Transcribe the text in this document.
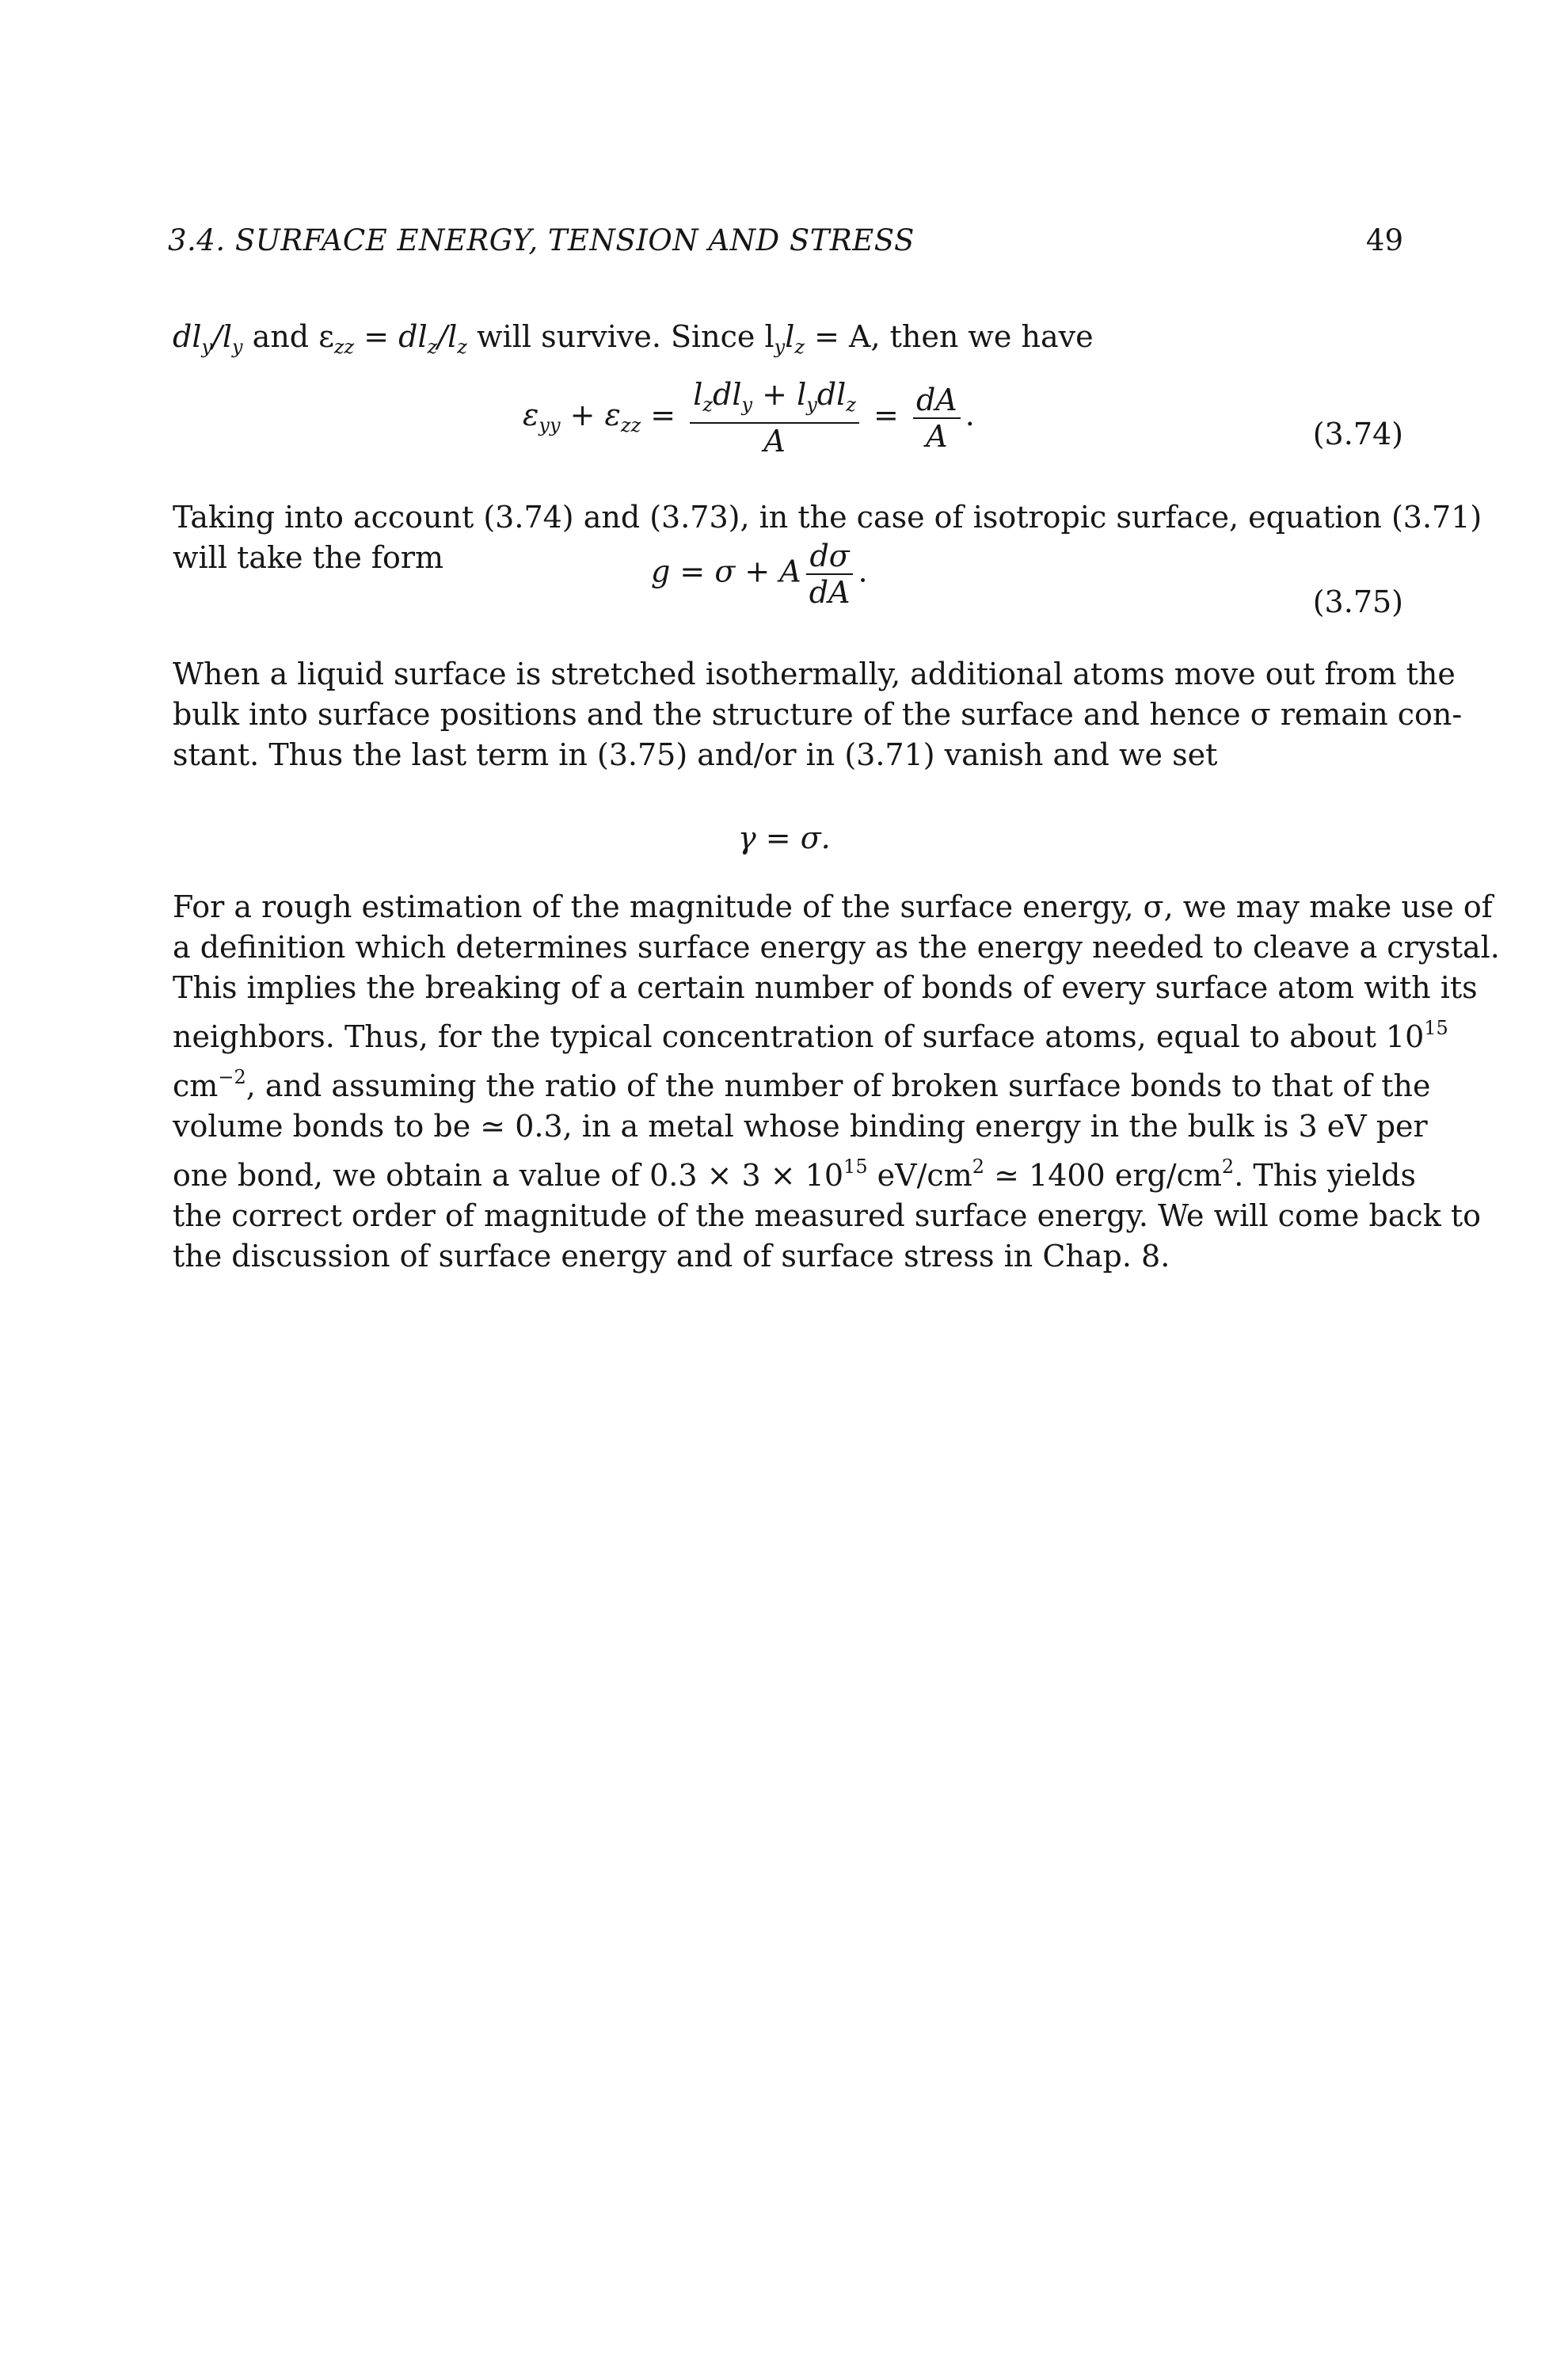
3.4. SURFACE ENERGY, TENSION AND STRESS	49
$dl_y/l_y$ and $\varepsilon_{zz} = dl_z/l_z$ will survive. Since $l_yl_z = A$, then we have
$\varepsilon_{yy} + \varepsilon_{zz} = \frac{l_zdl_y + l_ydl_z}{A} = \frac{dA}{A}$ .
(3.74)
Taking into account (3.74) and (3.73), in the case of isotropic surface, equation (3.71)
will take the form	g = σ + A $\frac{d\sigma}{dA}$ .
(3.75)
When a liquid surface is stretched isothermally, additional atoms move out from the
bulk into surface positions and the structure of the surface and hence σ remain con-
stant. Thus the last term in (3.75) and/or in (3.71) vanish and we set
γ = σ.
For a rough estimation of the magnitude of the surface energy, σ, we may make use of
a definition which determines surface energy as the energy needed to cleave a crystal.
This implies the breaking of a certain number of bonds of every surface atom with its
neighbors. Thus, for the typical concentration of surface atoms, equal to about $10^{15}$
$cm^{-2}$, and assuming the ratio of the number of broken surface bonds to that of the
volume bonds to be ≃ 0.3, in a metal whose binding energy in the bulk is 3 eV per
one bond, we obtain a value of $0.3 \times 3 \times 10^{15}$ $eV/cm^2$ ≃ 1400 erg/$cm^2$. This yields
the correct order of magnitude of the measured surface energy. We will come back to
the discussion of surface energy and of surface stress in Chap. 8.
